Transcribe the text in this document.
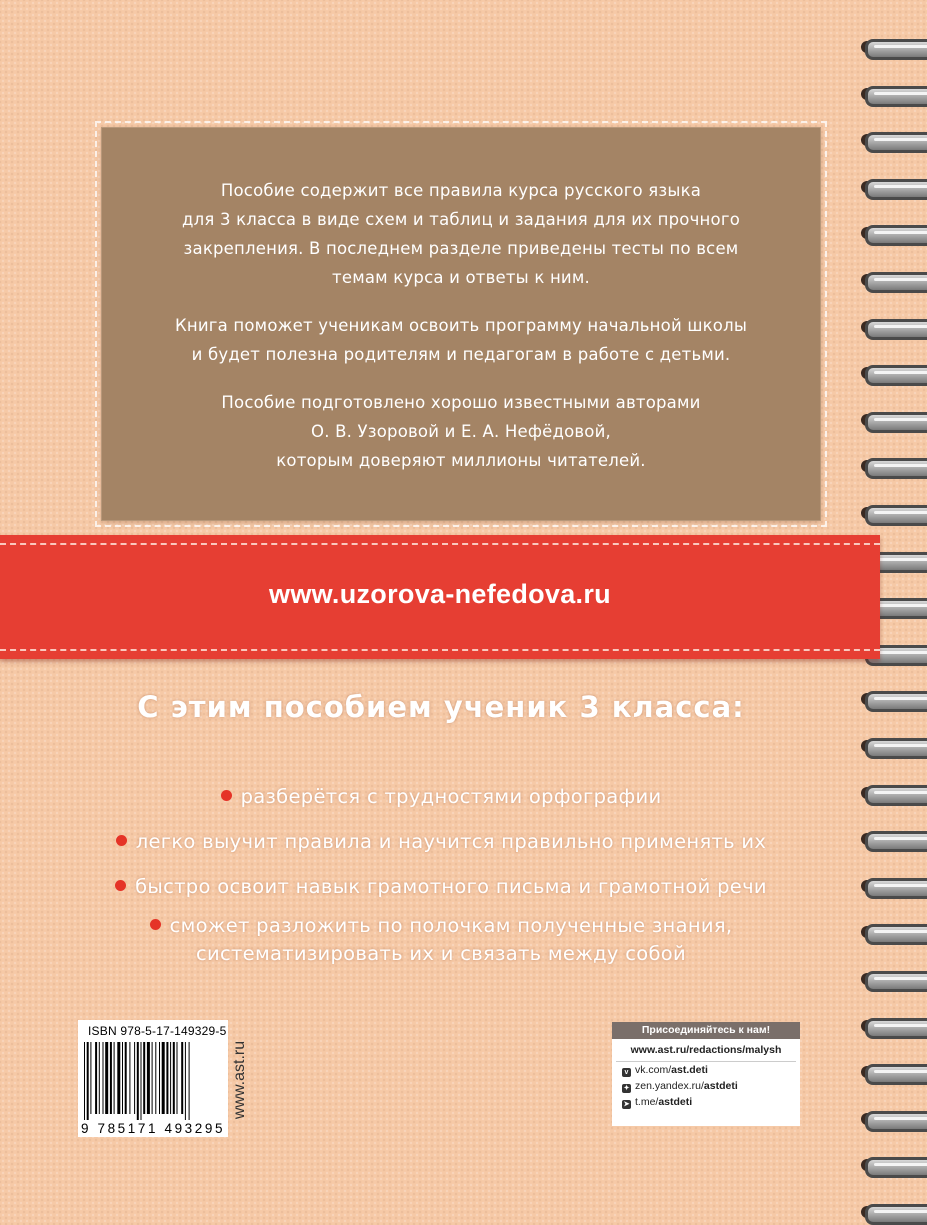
Пособие содержит все правила курса русского языка
для 3 класса в виде схем и таблиц и задания для их прочного
закрепления. В последнем разделе приведены тесты по всем
темам курса и ответы к ним.

Книга поможет ученикам освоить программу начальной школы
и будет полезна родителям и педагогам в работе с детьми.

Пособие подготовлено хорошо известными авторами
О. В. Узоровой и Е. А. Нефёдовой,
которым доверяют миллионы читателей.

www.uzorova-nefedova.ru
С этим пособием ученик 3 класса:

разберётся с трудностями орфографии

легко выучит правила и научится правильно применять их

быстро освоит навык грамотного письма и грамотной речи

сможет разложить по полочкам полученные знания,
систематизировать их и связать между собой

ISBN 978-5-17-149329-5
9 785171 493295
www.ast.ru
Присоединяйтесь к нам!
www.ast.ru/redactions/malysh
v vk.com/ast.deti
✦ zen.yandex.ru/astdeti
➤ t.me/astdeti
